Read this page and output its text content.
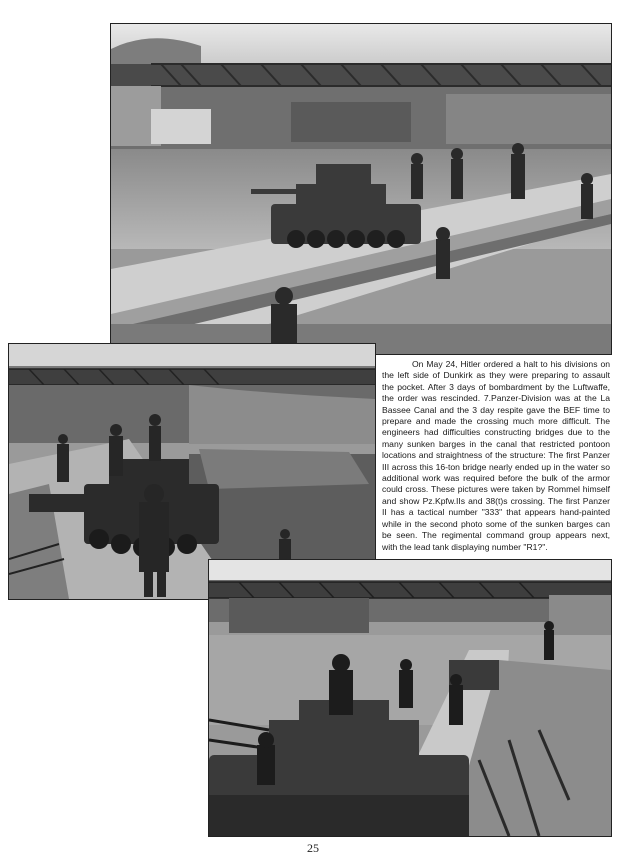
On May 24, Hitler ordered a halt to his divisions on the left side of Dunkirk as they were preparing to assault the pocket. After 3 days of bombardment by the Luftwaffe, the order was rescinded. 7.Panzer-Division was at the La Bassee Canal and the 3 day respite gave the BEF time to prepare and made the crossing much more difficult. The engineers had difficulties constructing bridges due to the many sunken barges in the canal that restricted pontoon locations and straightness of the structure: The first Panzer III across this 16-ton bridge nearly ended up in the water so additional work was required before the bulk of the armor could cross. These pictures were taken by Rommel himself and show Pz.Kpfw.IIs and 38(t)s crossing. The first Panzer II has a tactical number "333" that appears hand-painted while in the second photo some of the sunken barges can be seen. The regimental command group appears next, with the lead tank displaying number "R1?".

25
